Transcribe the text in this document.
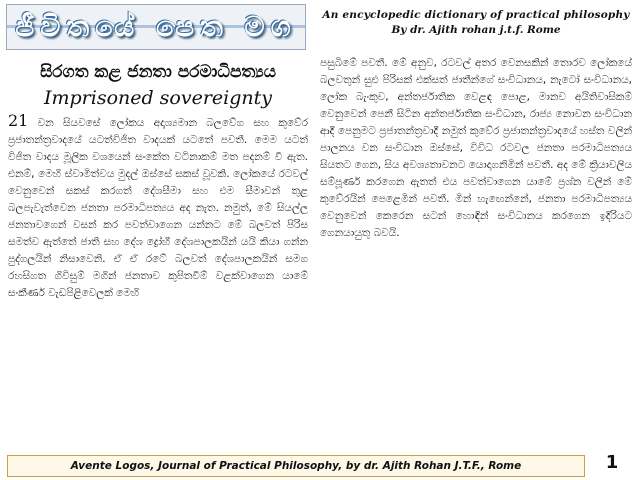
ජීවිතයේ පෙත මග	An encyclopedic dictionary of practical philosophy
By dr. Ajith rohan j.t.f. Rome
සිරගත කළ ජනතා පරමාධිපත්‍යය
Imprisoned sovereignty
21 වන සියවසේ ලෝකය අදෘශ්‍යමාන බලවේග සහ කුවේර ප්‍රජාතන්ත්‍රවාදයේ යටත්විජිත වාදයක් යටතේ පවතී. මෙම යටත් විජිත වාදය මූලික වශයෙන් සංකේත වටිනාකම් මත පදනම් වී ඇත. එනම්, මෙහි ස්වාමිත්වය මුදල් ඔස්සේ සකස් වූවකි. ලෝකයේ රටවල් වෙනුවෙන් සකස් කරගත් දේශසීමා සහ එම සීමාවන් තුළ බලපැවැත්වෙන ජනතා පරමාධිපත්‍යය අද නැත. නමුත්, මේ සියල්ල ජනතාවගෙන් වසන් කර පවත්වාගෙන යන්නට මේ බලවත් පිරිස සමත්ව ඇත්තේ ජාති සහ දේශ ද්‍රෝහී දේශපාලකයින් යයි කියා ගන්න පුද්ගලයින් නිසාවෙනි. ඒ ඒ රටේ බලවත් දේශපාලකයින් සමග රහසිගත ගිවිසුම් මගින් ජනතාව කුපිතවීම් වළක්වාගෙන යාමේ සංකීර්ණ වැඩපිළිවෙලක් මෙහි
පසුබිමේ පවතී. මේ අනුව, රටවල් අතර වෙනසකින් තොරව ලෝකයේ බලවතුන් සුළු පිරිසක් එක්සත් ජාතීන්ගේ සංවිධානය, නැටෝ සංවිධානය, ලෝක බැංකුව, අන්තර්ජාතික වෙළඳ පොළ, මානව අයිතිවාසිකම් වෙනුවෙන් පෙනී සිටින අන්තර්ජාතික සංවිධාන, රාජ්‍ය නොවන සංවිධාන ආදී පෙනුමට ප්‍රජාතන්ත්‍රවාදී නමුත් කුවේර ප්‍රජාතන්ත්‍රවාදයේ හස්ත වලින් පාලනය වන සංවිධාන ඔස්සේ, විවිධ රටවල ජනතා පරමාධිපත්‍යය සියතට ගෙන, සිය අවශ්‍යතාවනට යොදාගනිමින් පවතී. අද මේ ක්‍රියාවලිය සම්පූර්ණ කරගෙන ඇතත් එය පවත්වාගෙන යාමේ ප්‍රශ්න වලින් මේ කුවේරයින් පෙළෙමින් පවතී. මින් හැඟෙන්නේ, ජනතා පරමාධිපත්‍යය වෙනුවෙන් කෙරෙන සටන් හොඳින් සංවිධානය කරගෙන ඉදිරියට ගෙනයායුතු බවයි.
Avente Logos, Journal of Practical Philosophy, by dr. Ajith Rohan J.T.F., Rome	1
